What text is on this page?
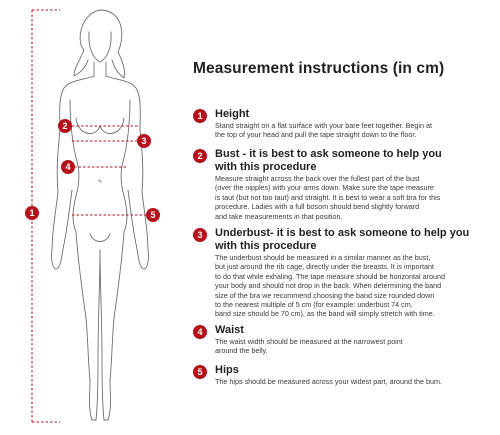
1
2
3
4
5
Measurement instructions (in cm)
1	Height
Stand straight on a flat surface with your bare feet together. Begin at
the top of your head and pull the tape straight down to the floor.
2	Bust - it is best to ask someone to help you
with this procedure
Measure straight across the back over the fullest part of the bust
(over the nipples) with your arms down. Make sure the tape measure
is taut (but not too taut) and straight. It is best to wear a soft bra for this
procedure. Ladies with a full bosom should bend slightly forward
and take measurements in that position.
3	Underbust- it is best to ask someone to help you
with this procedure
The underbust should be measured in a similar manner as the bust,
but just around the rib cage, directly under the breasts. It is important
to do that while exhaling. The tape measure should be horizontal around
your body and should not drop in the back. When determining the band
size of the bra we recommend choosing the band size rounded down
to the nearest multiple of 5 cm (for example: underbust 74 cm,
band size should be 70 cm), as the band will simply stretch with time.
4	Waist
The waist width should be measured at the narrowest point
around the belly.
5	Hips
The hips should be measured across your widest part, around the bum.
